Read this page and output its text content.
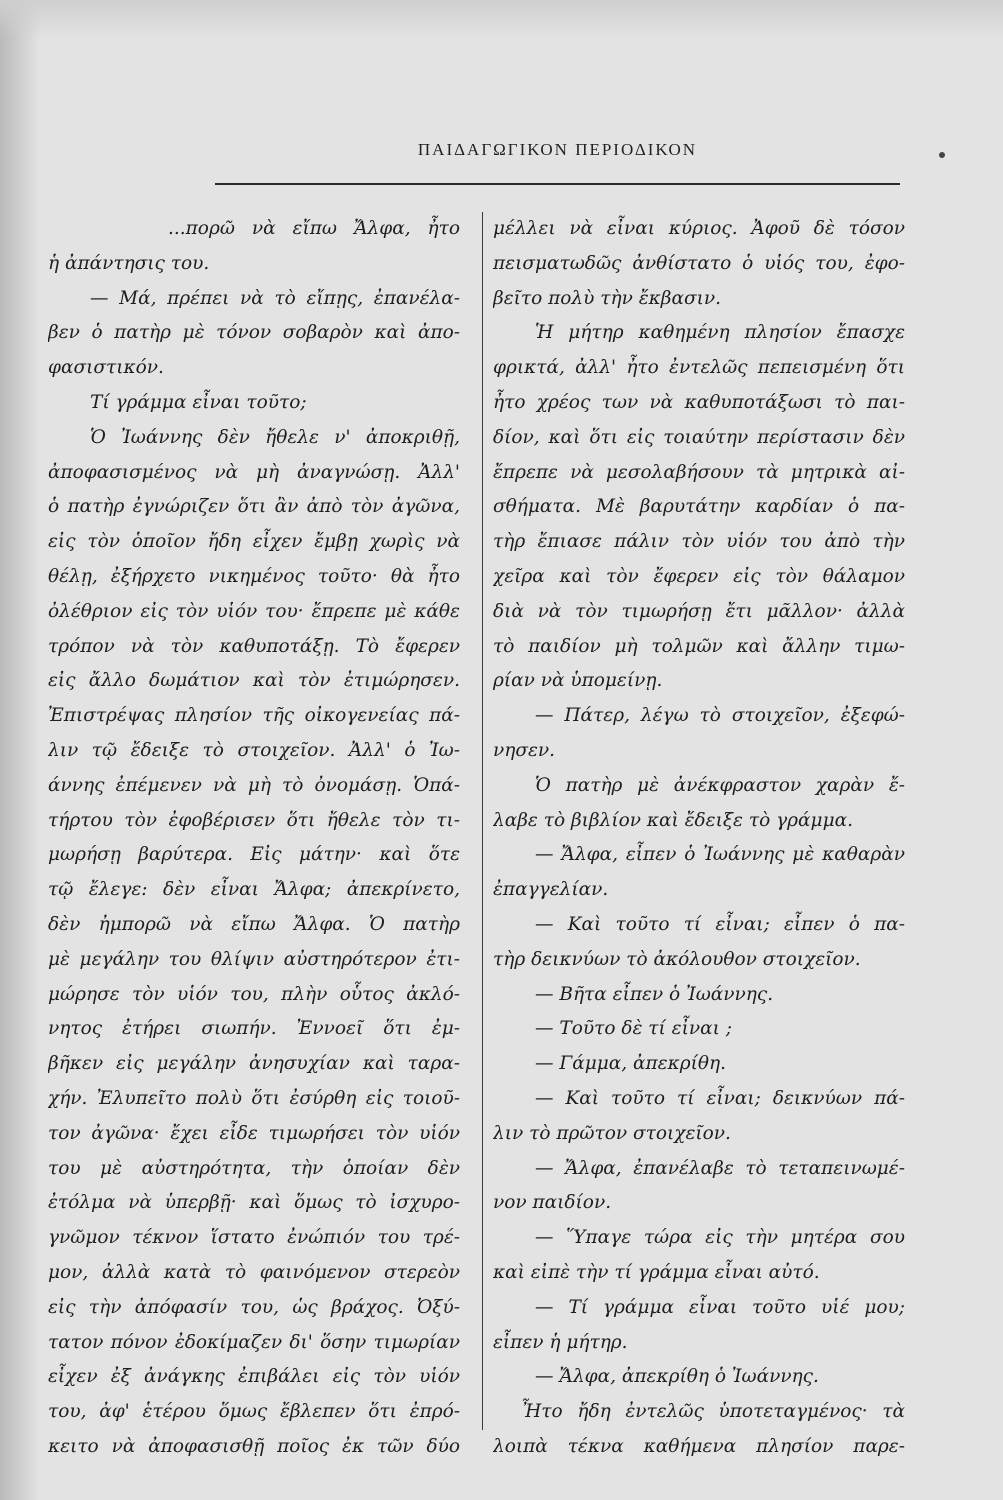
ΠΑΙΔΑΓΩΓΙΚΟΝ ΠΕΡΙΟΔΙΚΟΝ
...πορῶ νὰ εἴπω Ἄλφα, ἦτο
ἡ ἀπάντησις του.
— Μά, πρέπει νὰ τὸ εἴπῃς, ἐπανέλα-
βεν ὁ πατὴρ μὲ τόνον σοβαρὸν καὶ ἀπο-
φασιστικόν.
Τί γράμμα εἶναι τοῦτο;
Ὁ Ἰωάννης δὲν ἤθελε ν' ἀποκριθῇ,
ἀποφασισμένος νὰ μὴ ἀναγνώσῃ. Ἀλλ'
ὁ πατὴρ ἐγνώριζεν ὅτι ἂν ἀπὸ τὸν ἀγῶνα,
εἰς τὸν ὁποῖον ἤδη εἶχεν ἔμβῃ χωρὶς νὰ
θέλῃ, ἐξήρχετο νικημένος τοῦτο· θὰ ἦτο
ὀλέθριον εἰς τὸν υἱόν του· ἔπρεπε μὲ κάθε
τρόπον νὰ τὸν καθυποτάξῃ. Τὸ ἔφερεν
εἰς ἄλλο δωμάτιον καὶ τὸν ἐτιμώρησεν.
Ἐπιστρέψας πλησίον τῆς οἰκογενείας πά-
λιν τῷ ἔδειξε τὸ στοιχεῖον. Ἀλλ' ὁ Ἰω-
άννης ἐπέμενεν νὰ μὴ τὸ ὀνομάσῃ. Ὁπά-
τήρτου τὸν ἐφοβέρισεν ὅτι ἤθελε τὸν τι-
μωρήσῃ βαρύτερα. Εἰς μάτην· καὶ ὅτε
τῷ ἔλεγε: δὲν εἶναι Ἄλφα; ἀπεκρίνετο,
δὲν ἠμπορῶ νὰ εἴπω Ἄλφα. Ὁ πατὴρ
μὲ μεγάλην του θλίψιν αὐστηρότερον ἐτι-
μώρησε τὸν υἱόν του, πλὴν οὗτος ἀκλό-
νητος ἐτήρει σιωπήν. Ἐννοεῖ ὅτι ἐμ-
βῆκεν εἰς μεγάλην ἀνησυχίαν καὶ ταρα-
χήν. Ἐλυπεῖτο πολὺ ὅτι ἐσύρθη εἰς τοιοῦ-
τον ἀγῶνα· ἔχει εἶδε τιμωρήσει τὸν υἱόν
του μὲ αὐστηρότητα, τὴν ὁποίαν δὲν
ἐτόλμα νὰ ὑπερβῇ· καὶ ὅμως τὸ ἰσχυρο-
γνῶμον τέκνον ἵστατο ἐνώπιόν του τρέ-
μον, ἀλλὰ κατὰ τὸ φαινόμενον στερεὸν
εἰς τὴν ἀπόφασίν του, ὡς βράχος. Ὀξύ-
τατον πόνον ἐδοκίμαζεν δι' ὅσην τιμωρίαν
εἶχεν ἐξ ἀνάγκης ἐπιβάλει εἰς τὸν υἱόν
του, ἀφ' ἑτέρου ὅμως ἔβλεπεν ὅτι ἐπρό-
κειτο νὰ ἀποφασισθῇ ποῖος ἐκ τῶν δύο
μέλλει νὰ εἶναι κύριος. Ἀφοῦ δὲ τόσον
πεισματωδῶς ἀνθίστατο ὁ υἱός του, ἐφο-
βεῖτο πολὺ τὴν ἔκβασιν.
Ἡ μήτηρ καθημένη πλησίον ἔπασχε
φρικτά, ἀλλ' ἦτο ἐντελῶς πεπεισμένη ὅτι
ἦτο χρέος των νὰ καθυποτάξωσι τὸ παι-
δίον, καὶ ὅτι εἰς τοιαύτην περίστασιν δὲν
ἔπρεπε νὰ μεσολαβήσουν τὰ μητρικὰ αἰ-
σθήματα. Μὲ βαρυτάτην καρδίαν ὁ πα-
τὴρ ἔπιασε πάλιν τὸν υἱόν του ἀπὸ τὴν
χεῖρα καὶ τὸν ἔφερεν εἰς τὸν θάλαμον
διὰ νὰ τὸν τιμωρήσῃ ἔτι μᾶλλον· ἀλλὰ
τὸ παιδίον μὴ τολμῶν καὶ ἄλλην τιμω-
ρίαν νὰ ὑπομείνῃ.
— Πάτερ, λέγω τὸ στοιχεῖον, ἐξεφώ-
νησεν.
Ὁ πατὴρ μὲ ἀνέκφραστον χαρὰν ἔ-
λαβε τὸ βιβλίον καὶ ἔδειξε τὸ γράμμα.
— Ἄλφα, εἶπεν ὁ Ἰωάννης μὲ καθαρὰν
ἐπαγγελίαν.
— Καὶ τοῦτο τί εἶναι; εἶπεν ὁ πα-
τὴρ δεικνύων τὸ ἀκόλουθον στοιχεῖον.
— Βῆτα εἶπεν ὁ Ἰωάννης.
— Τοῦτο δὲ τί εἶναι ;
— Γάμμα, ἀπεκρίθη.
— Καὶ τοῦτο τί εἶναι; δεικνύων πά-
λιν τὸ πρῶτον στοιχεῖον.
— Ἄλφα, ἐπανέλαβε τὸ τεταπεινωμέ-
νον παιδίον.
— Ὕπαγε τώρα εἰς τὴν μητέρα σου
καὶ εἰπὲ τὴν τί γράμμα εἶναι αὐτό.
— Τί γράμμα εἶναι τοῦτο υἱέ μου;
εἶπεν ἡ μήτηρ.
— Ἄλφα, ἀπεκρίθη ὁ Ἰωάννης.
Ἦτο ἤδη ἐντελῶς ὑποτεταγμένος· τὰ
λοιπὰ τέκνα καθήμενα πλησίον παρε-
